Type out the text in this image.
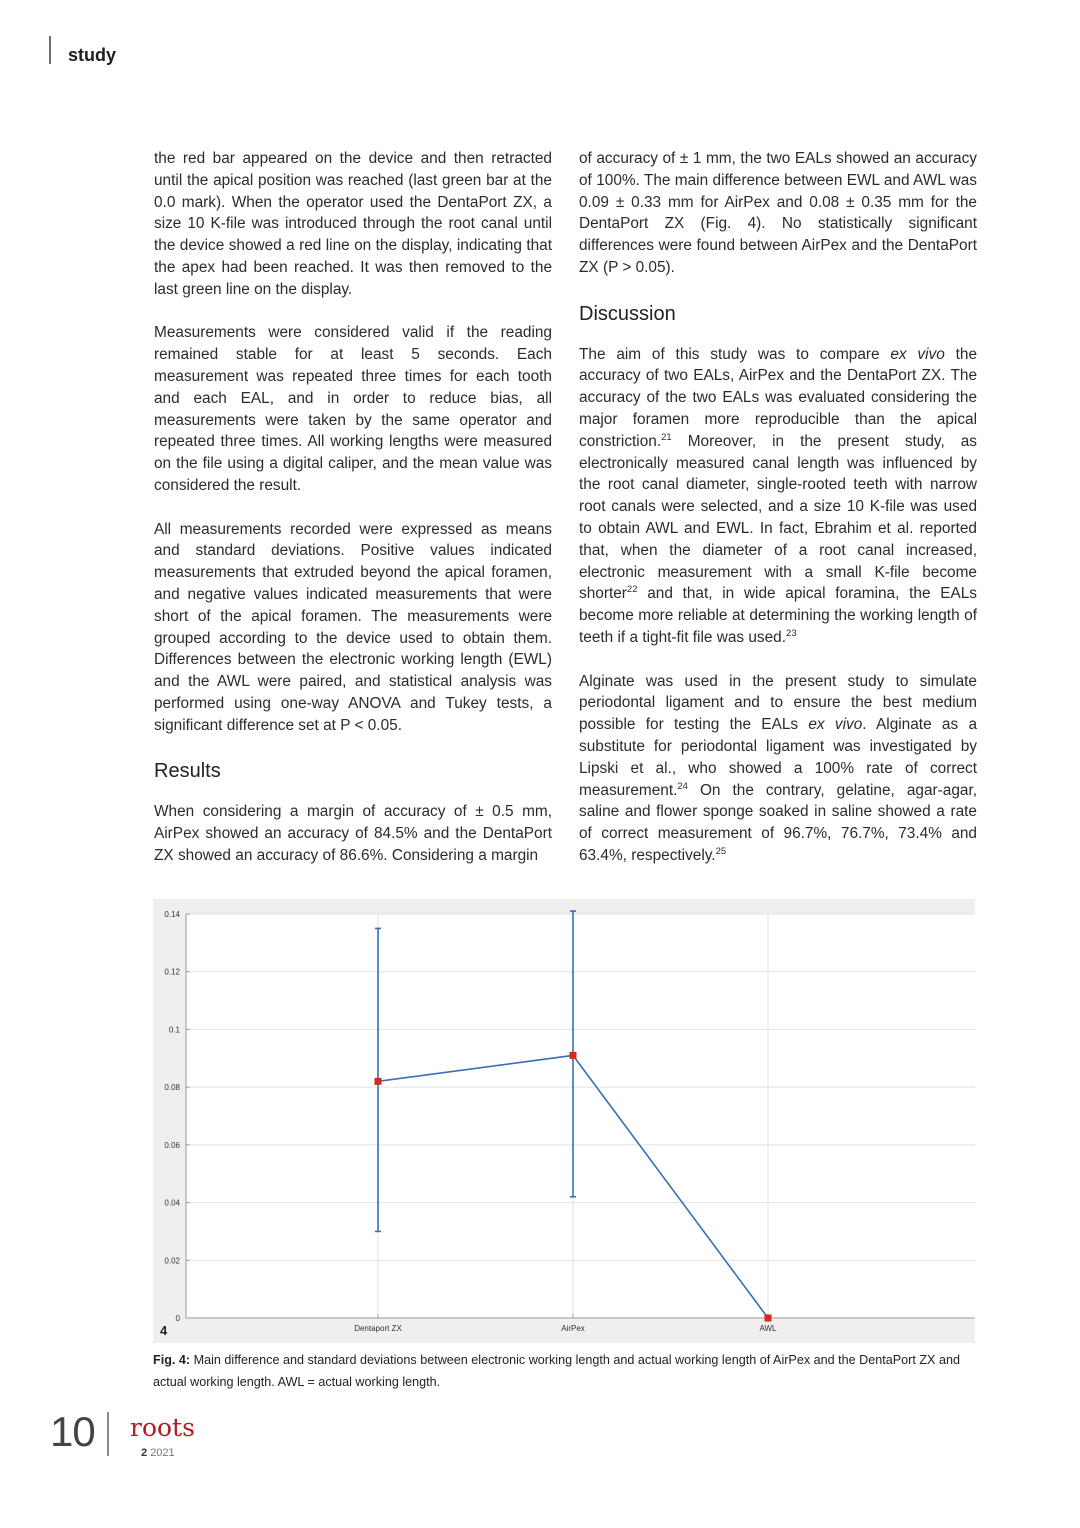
study

the red bar appeared on the device and then retracted until the apical position was reached (last green bar at the 0.0 mark). When the operator used the DentaPort ZX, a size 10 K-file was introduced through the root canal until the device showed a red line on the display, indicating that the apex had been reached. It was then removed to the last green line on the display.

Measurements were considered valid if the reading remained stable for at least 5 seconds. Each measurement was repeated three times for each tooth and each EAL, and in order to reduce bias, all measurements were taken by the same operator and repeated three times. All working lengths were measured on the file using a digital caliper, and the mean value was considered the result.

All measurements recorded were expressed as means and standard deviations. Positive values indicated measurements that extruded beyond the apical foramen, and negative values indicated measurements that were short of the apical foramen. The measurements were grouped according to the device used to obtain them. Differences between the electronic working length (EWL) and the AWL were paired, and statistical analysis was performed using one-way ANOVA and Tukey tests, a significant difference set at P < 0.05.

Results

When considering a margin of accuracy of ± 0.5 mm, AirPex showed an accuracy of 84.5% and the DentaPort ZX showed an accuracy of 86.6%. Considering a margin

of accuracy of ± 1 mm, the two EALs showed an accuracy of 100%. The main difference between EWL and AWL was 0.09 ± 0.33 mm for AirPex and 0.08 ± 0.35 mm for the DentaPort ZX (Fig. 4). No statistically significant differences were found between AirPex and the DentaPort ZX (P > 0.05).

Discussion

The aim of this study was to compare ex vivo the accuracy of two EALs, AirPex and the DentaPort ZX. The accuracy of the two EALs was evaluated considering the major foramen more reproducible than the apical constriction.$^{21}$ Moreover, in the present study, as electronically measured canal length was influenced by the root canal diameter, single-rooted teeth with narrow root canals were selected, and a size 10 K-file was used to obtain AWL and EWL. In fact, Ebrahim et al. reported that, when the diameter of a root canal increased, electronic measurement with a small K-file become shorter$^{22}$ and that, in wide apical foramina, the EALs become more reliable at determining the working length of teeth if a tight-fit file was used.$^{23}$

Alginate was used in the present study to simulate periodontal ligament and to ensure the best medium possible for testing the EALs ex vivo. Alginate as a substitute for periodontal ligament was investigated by Lipski et al., who showed a 100% rate of correct measurement.$^{24}$ On the contrary, gelatine, agar-agar, saline and flower sponge soaked in saline showed a rate of correct measurement of 96.7%, 76.7%, 73.4% and 63.4%, respectively.$^{25}$

0
0.02
0.04
0.06
0.08
0.1
0.12
0.14
Dentaport ZX	AirPex	AWL
4
Fig. 4: Main difference and standard deviations between electronic working length and actual working length of AirPex and the DentaPort ZX and actual working length. AWL = actual working length.
10 roots
2 2021
